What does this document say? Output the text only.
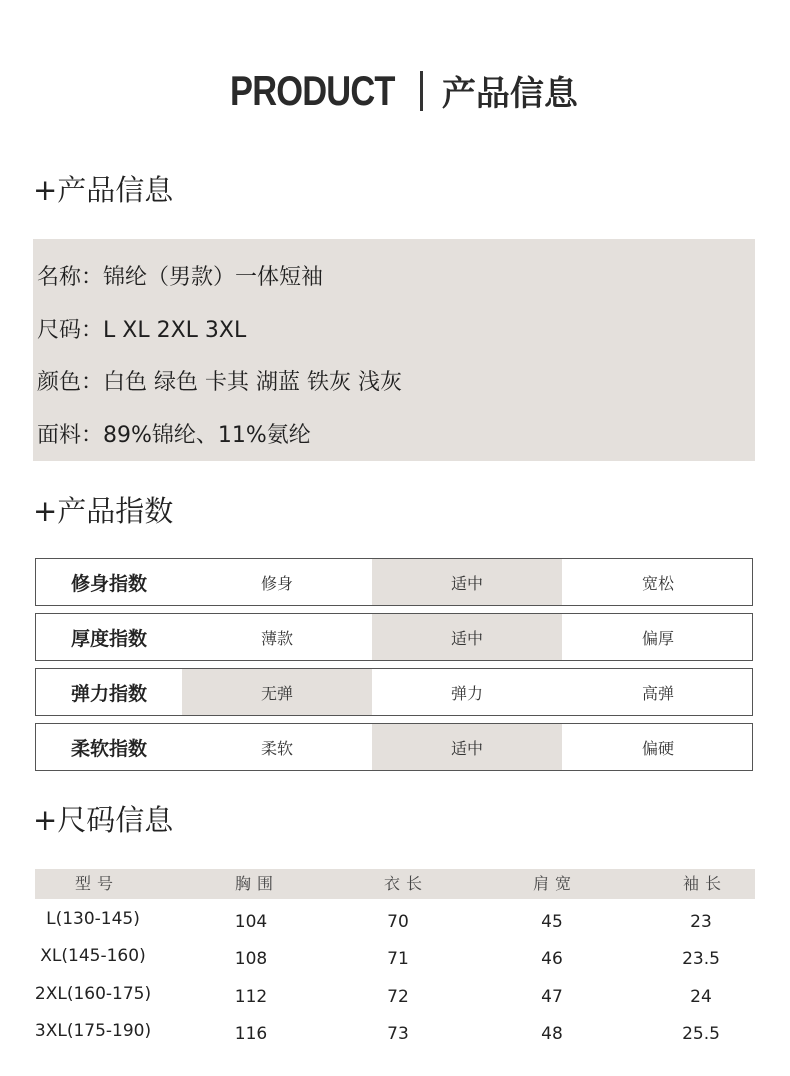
PRODUCT 产品信息
+产品信息
名称：锦纶（男款）一体短袖
尺码：L XL 2XL 3XL
颜色：白色 绿色 卡其 湖蓝 铁灰 浅灰
面料：89%锦纶、11%氨纶
+产品指数
修身指数	修身	适中	宽松
厚度指数	薄款	适中	偏厚
弹力指数	无弹	弹力	高弹
柔软指数	柔软	适中	偏硬
+尺码信息
型号	胸围	衣长	肩宽	袖长
L(130-145)	104	70	45	23
XL(145-160)	108	71	46	23.5
2XL(160-175)	112	72	47	24
3XL(175-190)	116	73	48	25.5
